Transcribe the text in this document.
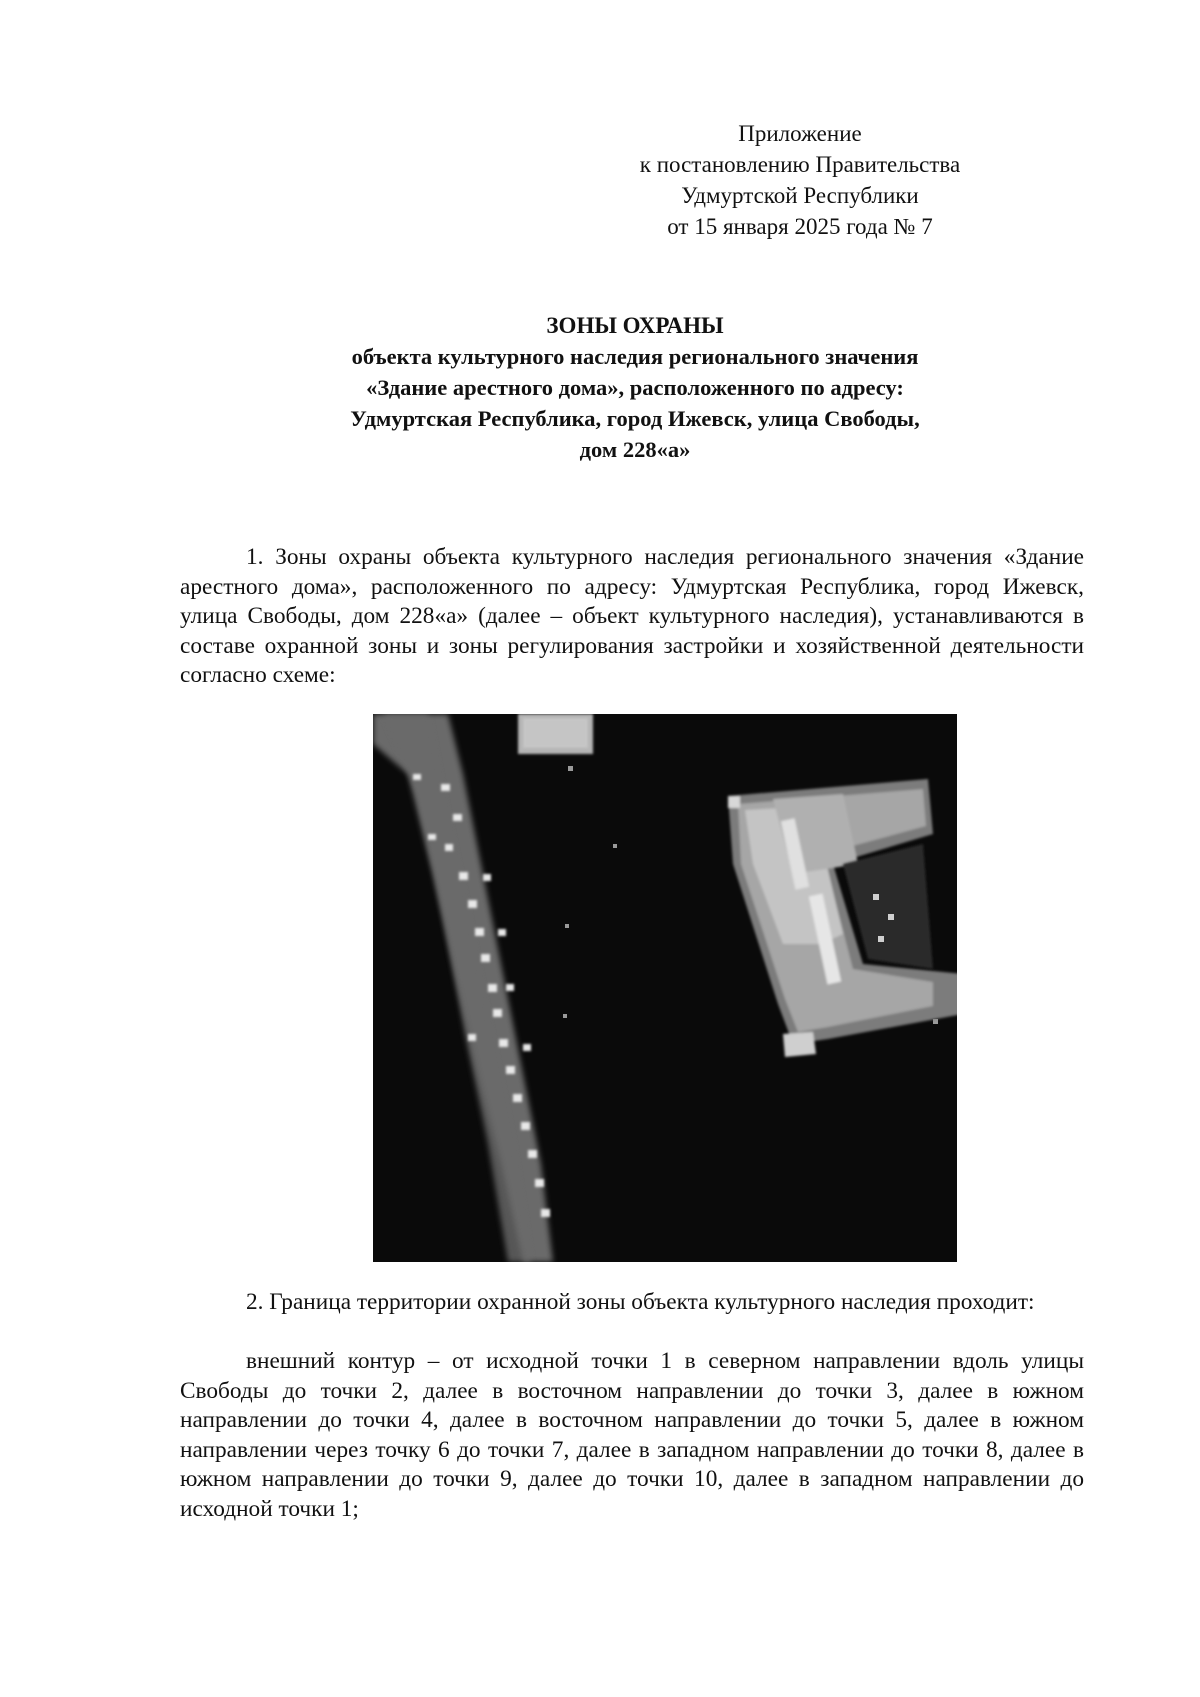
Приложение
к постановлению Правительства
Удмуртской Республики
от 15 января 2025 года № 7
ЗОНЫ ОХРАНЫ
объекта культурного наследия регионального значения
«Здание арестного дома», расположенного по адресу:
Удмуртская Республика, город Ижевск, улица Свободы,
дом 228«а»
1. Зоны охраны объекта культурного наследия регионального значения «Здание арестного дома», расположенного по адресу: Удмуртская Республика, город Ижевск, улица Свободы, дом 228«а» (далее – объект культурного наследия), устанавливаются в составе охранной зоны и зоны регулирования застройки и хозяйственной деятельности согласно схеме:
2. Граница территории охранной зоны объекта культурного наследия проходит:
внешний контур – от исходной точки 1 в северном направлении вдоль улицы Свободы до точки 2, далее в восточном направлении до точки 3, далее в южном направлении до точки 4, далее в восточном направлении до точки 5, далее в южном направлении через точку 6 до точки 7, далее в западном направлении до точки 8, далее в южном направлении до точки 9, далее до точки 10, далее в западном направлении до исходной точки 1;
